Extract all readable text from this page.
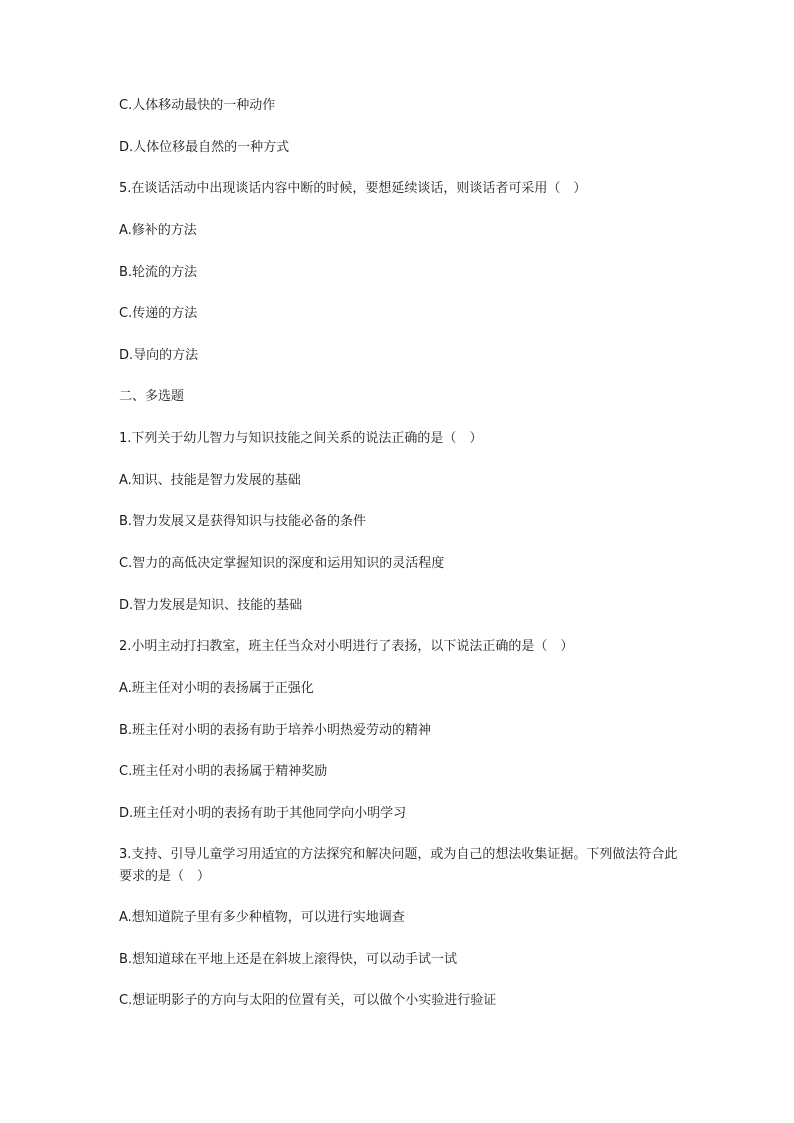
C.人体移动最快的一种动作
D.人体位移最自然的一种方式
5.在谈话活动中出现谈话内容中断的时候，要想延续谈话，则谈话者可采用（　）
A.修补的方法
B.轮流的方法
C.传递的方法
D.导向的方法
二、多选题
1.下列关于幼儿智力与知识技能之间关系的说法正确的是（　）
A.知识、技能是智力发展的基础
B.智力发展又是获得知识与技能必备的条件
C.智力的高低决定掌握知识的深度和运用知识的灵活程度
D.智力发展是知识、技能的基础
2.小明主动打扫教室，班主任当众对小明进行了表扬，以下说法正确的是（　）
A.班主任对小明的表扬属于正强化
B.班主任对小明的表扬有助于培养小明热爱劳动的精神
C.班主任对小明的表扬属于精神奖励
D.班主任对小明的表扬有助于其他同学向小明学习
3.支持、引导儿童学习用适宜的方法探究和解决问题，或为自己的想法收集证据。下列做法符合此要求的是（　）
A.想知道院子里有多少种植物，可以进行实地调查
B.想知道球在平地上还是在斜坡上滚得快，可以动手试一试
C.想证明影子的方向与太阳的位置有关，可以做个小实验进行验证
